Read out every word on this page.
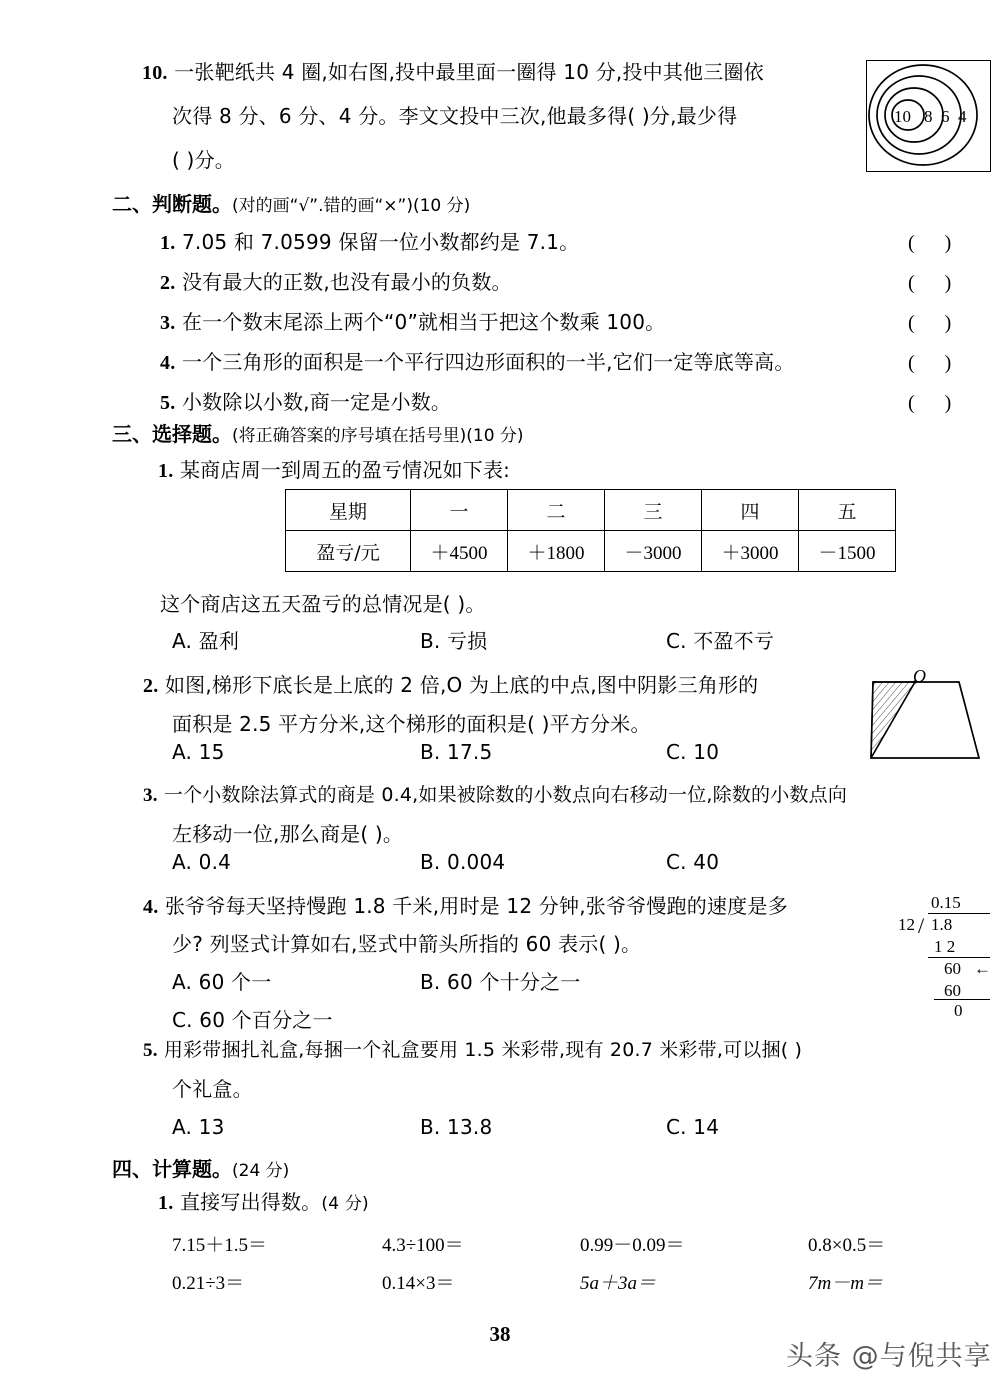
10. 一张靶纸共 4 圈,如右图,投中最里面一圈得 10 分,投中其他三圈依
次得 8 分、6 分、4 分。李文文投中三次,他最多得( )分,最少得
( )分。
10 8 6 4
二、判断题。(对的画“√”.错的画“×”)(10 分)
1. 7.05 和 7.0599 保留一位小数都约是 7.1。	(      )
2. 没有最大的正数,也没有最小的负数。	(      )
3. 在一个数末尾添上两个“0”就相当于把这个数乘 100。	(      )
4. 一个三角形的面积是一个平行四边形面积的一半,它们一定等底等高。	(      )
5. 小数除以小数,商一定是小数。	(      )
三、选择题。(将正确答案的序号填在括号里)(10 分)
1. 某商店周一到周五的盈亏情况如下表:
星期	一	二	三	四	五
盈亏/元	＋4500	＋1800	－3000	＋3000	－1500
这个商店这五天盈亏的总情况是( )。
A. 盈利	B. 亏损	C. 不盈不亏
2. 如图,梯形下底长是上底的 2 倍,O 为上底的中点,图中阴影三角形的
面积是 2.5 平方分米,这个梯形的面积是( )平方分米。
A. 15	B. 17.5	C. 10
O
3. 一个小数除法算式的商是 0.4,如果被除数的小数点向右移动一位,除数的小数点向
左移动一位,那么商是( )。
A. 0.4	B. 0.004	C. 40
4. 张爷爷每天坚持慢跑 1.8 千米,用时是 12 分钟,张爷爷慢跑的速度是多
少? 列竖式计算如右,竖式中箭头所指的 60 表示( )。
A. 60 个一	B. 60 个十分之一
C. 60 个百分之一
0.15
12 / 1.8
1 2
60 ←
60
0
5. 用彩带捆扎礼盒,每捆一个礼盒要用 1.5 米彩带,现有 20.7 米彩带,可以捆( )
个礼盒。
A. 13	B. 13.8	C. 14
四、计算题。(24 分)
1. 直接写出得数。(4 分)
7.15＋1.5＝	4.3÷100＝	0.99－0.09＝	0.8×0.5＝
0.21÷3＝	0.14×3＝	5a＋3a＝	7m－m＝
38
头条 @与倪共享
